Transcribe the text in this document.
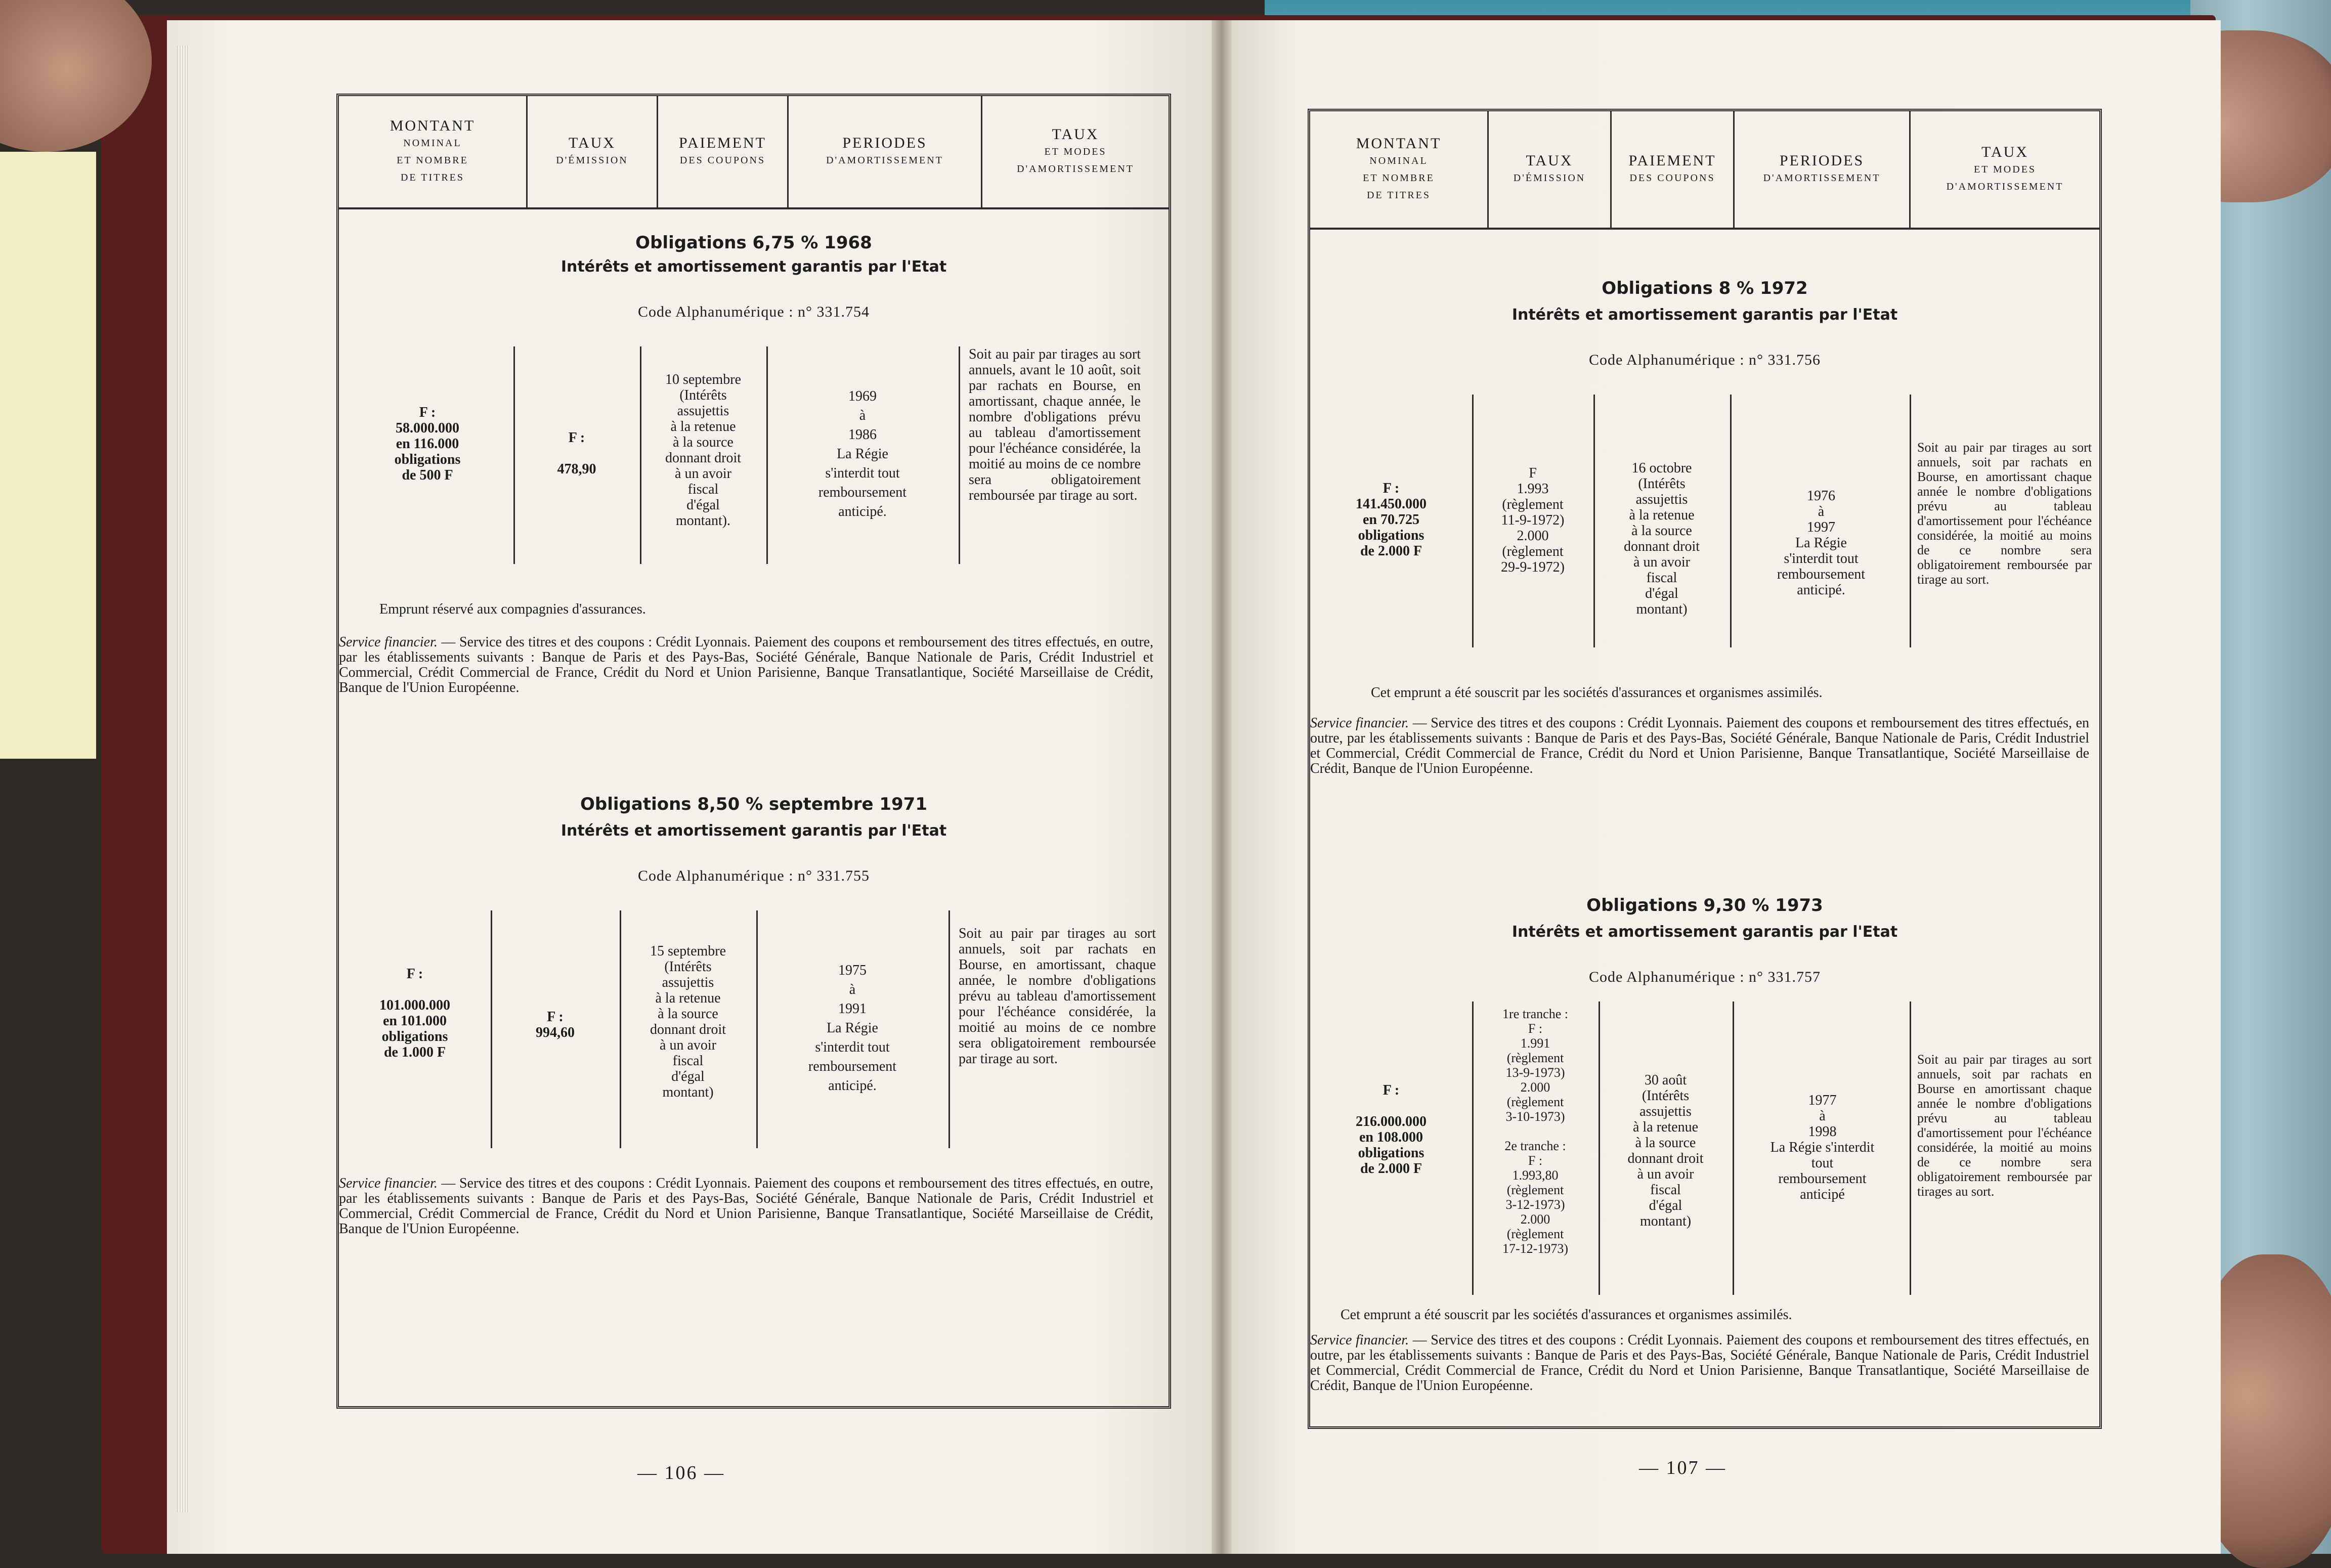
MONTANT
NOMINAL
ET NOMBRE
DE TITRES
TAUX
D'ÉMISSION
PAIEMENT
DES COUPONS
PERIODES
D'AMORTISSEMENT
TAUX
ET MODES
D'AMORTISSEMENT
Obligations 6,75 % 1968
Intérêts et amortissement garantis par l'Etat
Code Alphanumérique : n° 331.754
F :
58.000.000
en 116.000
obligations
de 500 F
F :

478,90
10 septembre
(Intérêts
assujettis
à la retenue
à la source
donnant droit
à un avoir
fiscal
d'égal
montant).
1969
à
1986
La Régie
s'interdit tout
remboursement
anticipé.
Soit au pair par tirages au sort annuels, avant le 10 août, soit par rachats en Bourse, en amortissant, chaque année, le nombre d'obligations prévu au tableau d'amortissement pour l'échéance considérée, la moitié au moins de ce nombre sera obligatoirement remboursée par tirage au sort.
Emprunt réservé aux compagnies d'assurances.
Service financier. — Service des titres et des coupons : Crédit Lyonnais. Paiement des coupons et remboursement des titres effectués, en outre, par les établissements suivants : Banque de Paris et des Pays-Bas, Société Générale, Banque Nationale de Paris, Crédit Industriel et Commercial, Crédit Commercial de France, Crédit du Nord et Union Parisienne, Banque Transatlantique, Société Marseillaise de Crédit, Banque de l'Union Européenne.
Obligations 8,50 % septembre 1971
Intérêts et amortissement garantis par l'Etat
Code Alphanumérique : n° 331.755
F :

101.000.000
en 101.000
obligations
de 1.000 F
F :
994,60
15 septembre
(Intérêts
assujettis
à la retenue
à la source
donnant droit
à un avoir
fiscal
d'égal
montant)
1975
à
1991
La Régie
s'interdit tout
remboursement
anticipé.
Soit au pair par tirages au sort annuels, soit par rachats en Bourse, en amortissant, chaque année, le nombre d'obligations prévu au tableau d'amortissement pour l'échéance considérée, la moitié au moins de ce nombre sera obligatoirement remboursée par tirage au sort.
Service financier. — Service des titres et des coupons : Crédit Lyonnais. Paiement des coupons et remboursement des titres effectués, en outre, par les établissements suivants : Banque de Paris et des Pays-Bas, Société Générale, Banque Nationale de Paris, Crédit Industriel et Commercial, Crédit Commercial de France, Crédit du Nord et Union Parisienne, Banque Transatlantique, Société Marseillaise de Crédit, Banque de l'Union Européenne.
— 106 —
MONTANT
NOMINAL
ET NOMBRE
DE TITRES
TAUX
D'ÉMISSION
PAIEMENT
DES COUPONS
PERIODES
D'AMORTISSEMENT
TAUX
ET MODES
D'AMORTISSEMENT
Obligations 8 % 1972
Intérêts et amortissement garantis par l'Etat
Code Alphanumérique : n° 331.756
F :
141.450.000
en 70.725
obligations
de 2.000 F
F
1.993
(règlement
11-9-1972)
2.000
(règlement
29-9-1972)
16 octobre
(Intérêts
assujettis
à la retenue
à la source
donnant droit
à un avoir
fiscal
d'égal
montant)
1976
à
1997
La Régie
s'interdit tout
remboursement
anticipé.
Soit au pair par tirages au sort annuels, soit par rachats en Bourse, en amortissant chaque année le nombre d'obligations prévu au tableau d'amortissement pour l'échéance considérée, la moitié au moins de ce nombre sera obligatoirement remboursée par tirage au sort.
Cet emprunt a été souscrit par les sociétés d'assurances et organismes assimilés.
Service financier. — Service des titres et des coupons : Crédit Lyonnais. Paiement des coupons et remboursement des titres effectués, en outre, par les établissements suivants : Banque de Paris et des Pays-Bas, Société Générale, Banque Nationale de Paris, Crédit Industriel et Commercial, Crédit Commercial de France, Crédit du Nord et Union Parisienne, Banque Transatlantique, Société Marseillaise de Crédit, Banque de l'Union Européenne.
Obligations 9,30 % 1973
Intérêts et amortissement garantis par l'Etat
Code Alphanumérique : n° 331.757
F :

216.000.000
en 108.000
obligations
de 2.000 F
1re tranche :
F :
1.991
(règlement
13-9-1973)
2.000
(règlement
3-10-1973)

2e tranche :
F :
1.993,80
(règlement
3-12-1973)
2.000
(règlement
17-12-1973)
30 août
(Intérêts
assujettis
à la retenue
à la source
donnant droit
à un avoir
fiscal
d'égal
montant)
1977
à
1998
La Régie s'interdit
tout
remboursement
anticipé
Soit au pair par tirages au sort annuels, soit par rachats en Bourse en amortissant chaque année le nombre d'obligations prévu au tableau d'amortissement pour l'échéance considérée, la moitié au moins de ce nombre sera obligatoirement remboursée par tirages au sort.
Cet emprunt a été souscrit par les sociétés d'assurances et organismes assimilés.
Service financier. — Service des titres et des coupons : Crédit Lyonnais. Paiement des coupons et remboursement des titres effectués, en outre, par les établissements suivants : Banque de Paris et des Pays-Bas, Société Générale, Banque Nationale de Paris, Crédit Industriel et Commercial, Crédit Commercial de France, Crédit du Nord et Union Parisienne, Banque Transatlantique, Société Marseillaise de Crédit, Banque de l'Union Européenne.
— 107 —
